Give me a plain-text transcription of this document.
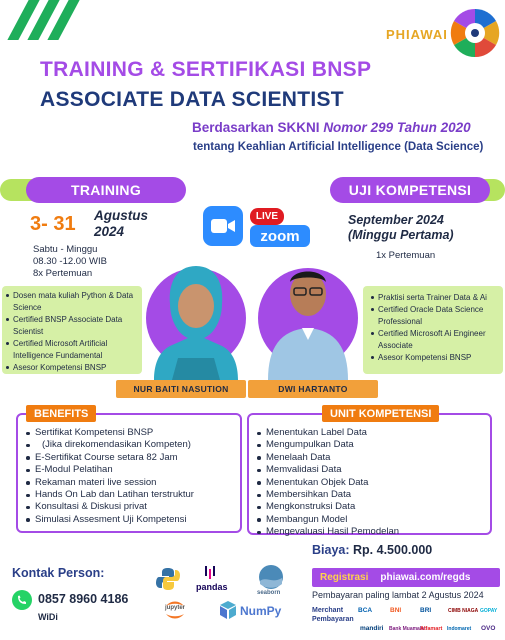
PHIAWAI
TRAINING & SERTIFIKASI BNSP
ASSOCIATE DATA SCIENTIST
Berdasarkan SKKNI Nomor 299 Tahun 2020
tentang Keahlian Artificial Intelligence (Data Science)
TRAINING	UJI KOMPETENSI
3- 31 Agustus
2024
Sabtu - Minggu
08.30 -12.00 WIB
8x Pertemuan
LIVE
zoom
September 2024
(Minggu Pertama)
1x Pertemuan
Dosen mata kuliah Python & Data Science
Certified BNSP Associate Data Scientist
Certified Microsoft Artificial Intelligence Fundamental
Asesor Kompetensi BNSP
NUR BAITI NASUTION
Praktisi serta Trainer Data & Ai
Certified Oracle Data Science Professional
Certified Microsoft Ai Engineer Associate
Asesor Kompetensi BNSP
DWI HARTANTO
Sertifikat Kompetensi BNSP
(Jika direkomendasikan Kompeten)
E-Sertifikat Course setara 82 Jam
E-Modul Pelatihan
Rekaman materi live session
Hands On Lab dan Latihan terstruktur
Konsultasi & Diskusi privat
Simulasi Assesment Uji Kompetensi
BENEFITS
Menentukan Label Data
Mengumpulkan Data
Menelaah Data
Memvalidasi Data
Menentukan Objek Data
Membersihkan Data
Mengkonstruksi Data
Membangun Model
Mengevaluasi Hasil Pemodelan
UNIT KOMPETENSI
Kontak Person:
0857 8960 4186
WiDi
pandas
seaborn
jupyter	NumPy
Biaya: Rp. 4.500.000
Registrasi phiawai.com/regds
Pembayaran paling lambat 2 Agustus 2024
Merchant
Pembayaran
BCA	BNI	BRI	CIMB NIAGA GOPAY
mandiri Bank Muamalat
Alfamart Indomaret OVO
